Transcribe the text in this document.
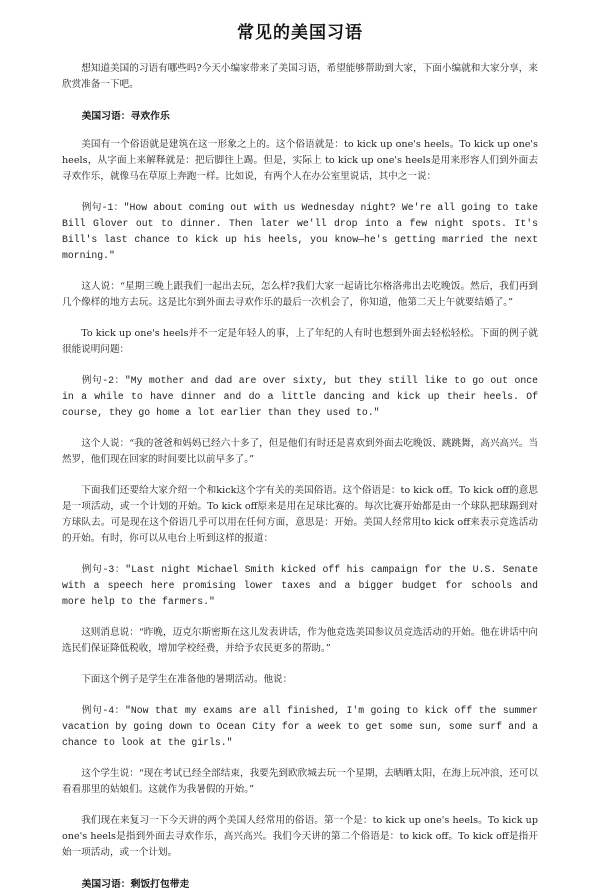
常见的美国习语
想知道美国的习语有哪些吗?今天小编家带来了美国习语，希望能够帮助到大家，下面小编就和大家分享，来欣赏准备一下吧。
美国习语：寻欢作乐
美国有一个俗语就是建筑在这一形象之上的。这个俗语就是：to kick up one's heels。To kick up one's heels，从字面上来解释就是：把后脚往上踢。但是，实际上 to kick up one's heels是用来形容人们到外面去寻欢作乐，就像马在草原上奔跑一样。比如说，有两个人在办公室里说话，其中之一说：
例句-1："How about coming out with us Wednesday night? We're all going to take Bill Glover out to dinner. Then later we'll drop into a few night spots. It's Bill's last chance to kick up his heels, you know—he's getting married the next morning."
这人说：“星期三晚上跟我们一起出去玩，怎么样?我们大家一起请比尔格洛弗出去吃晚饭。然后，我们再到几个像样的地方去玩。这是比尔到外面去寻欢作乐的最后一次机会了，你知道，他第二天上午就要结婚了。”
To kick up one's heels并不一定是年轻人的事，上了年纪的人有时也想到外面去轻松轻松。下面的例子就很能说明问题：
例句-2："My mother and dad are over sixty, but they still like to go out once in a while to have dinner and do a little dancing and kick up their heels. Of course, they go home a lot earlier than they used to."
这个人说：“我的爸爸和妈妈已经六十多了，但是他们有时还是喜欢到外面去吃晚饭、跳跳舞，高兴高兴。当然罗，他们现在回家的时间要比以前早多了。”
下面我们还要给大家介绍一个和kick这个字有关的美国俗语。这个俗语是：to kick off。To kick off的意思是一项活动，或一个计划的开始。To kick off原来是用在足球比赛的。每次比赛开始都是由一个球队把球踢到对方球队去。可是现在这个俗语几乎可以用在任何方面，意思是：开始。美国人经常用to kick off来表示竞选活动的开始。有时，你可以从电台上听到这样的报道：
例句-3："Last night Michael Smith kicked off his campaign for the U.S. Senate with a speech here promising lower taxes and a bigger budget for schools and more help to the farmers."
这则消息说：“昨晚，迈克尔斯密斯在这儿发表讲话，作为他竞选美国参议员竞选活动的开始。他在讲话中向选民们保证降低税收，增加学校经费，并给予农民更多的帮助。”
下面这个例子是学生在准备他的暑期活动。他说：
例句-4："Now that my exams are all finished, I'm going to kick off the summer vacation by going down to Ocean City for a week to get some sun, some surf and a chance to look at the girls."
这个学生说：“现在考试已经全部结束，我要先到欧欣城去玩一个星期，去晒晒太阳，在海上玩冲浪，还可以看看那里的姑娘们。这就作为我暑假的开始。”
我们现在来复习一下今天讲的两个美国人经常用的俗语。第一个是：to kick up one's heels。To kick up one's heels是指到外面去寻欢作乐，高兴高兴。我们今天讲的第二个俗语是：to kick off。To kick off是指开始一项活动，或一个计划。
美国习语：剩饭打包带走
